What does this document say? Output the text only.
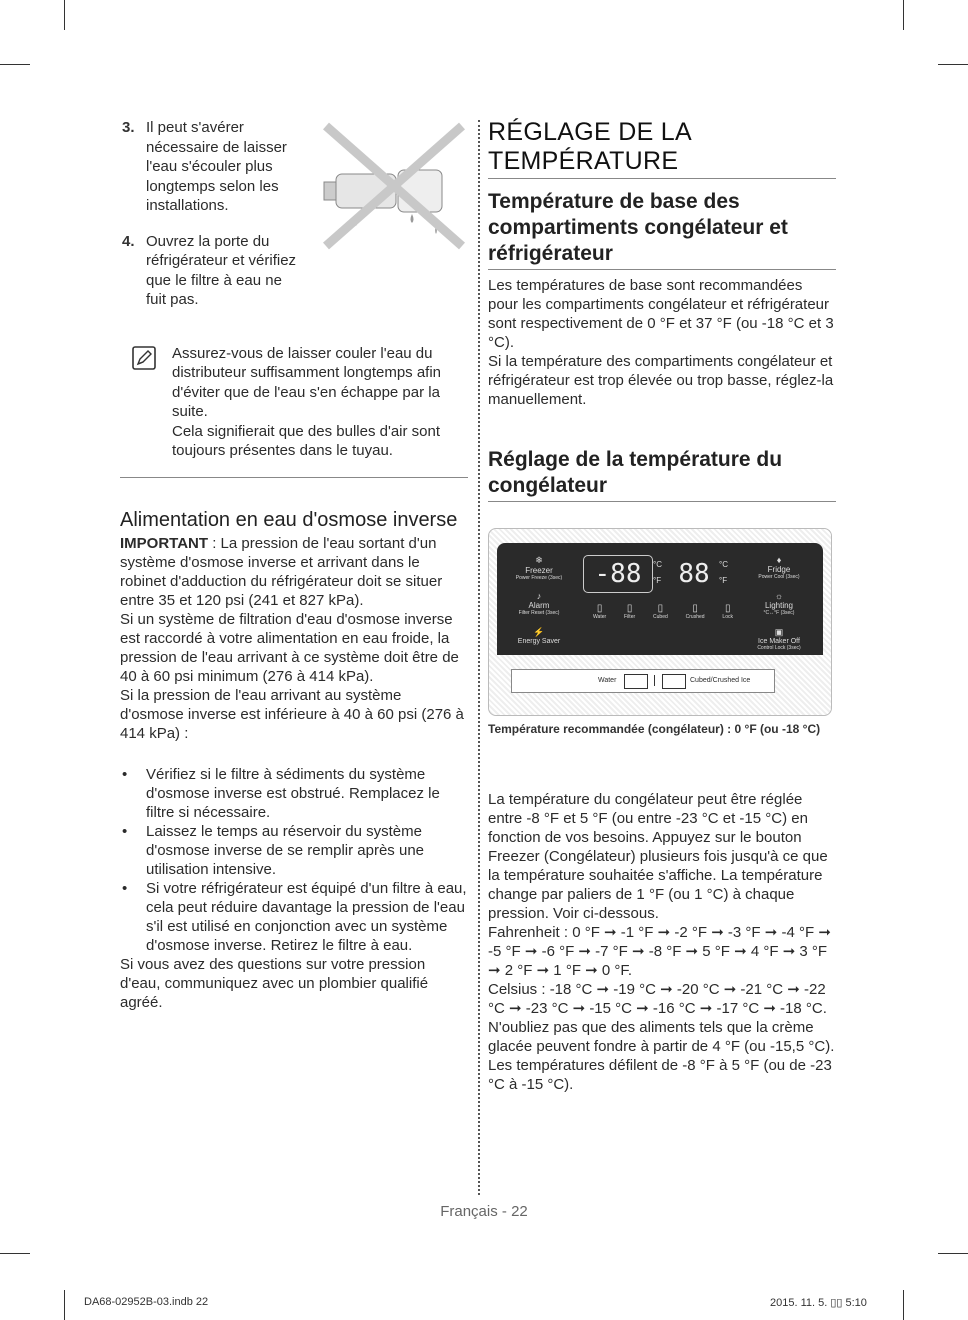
3. Il peut s'avérer nécessaire de laisser l'eau s'écouler plus longtemps selon les installations.
4. Ouvrez la porte du réfrigérateur et vérifiez que le filtre à eau ne fuit pas.

Assurez-vous de laisser couler l'eau du distributeur suffisamment longtemps afin d'éviter que de l'eau s'en échappe par la suite.

Cela signifierait que des bulles d'air sont toujours présentes dans le tuyau.

Alimentation en eau d'osmose inverse

IMPORTANT : La pression de l'eau sortant d'un système d'osmose inverse et arrivant dans le robinet d'adduction du réfrigérateur doit se situer entre 35 et 120 psi (241 et 827 kPa).

Si un système de filtration d'eau d'osmose inverse est raccordé à votre alimentation en eau froide, la pression de l'eau arrivant à ce système doit être de 40 à 60 psi minimum (276 à 414 kPa).

Si la pression de l'eau arrivant au système d'osmose inverse est inférieure à 40 à 60 psi (276 à 414 kPa) :

• Vérifiez si le filtre à sédiments du système d'osmose inverse est obstrué. Remplacez le filtre si nécessaire.
• Laissez le temps au réservoir du système d'osmose inverse de se remplir après une utilisation intensive.
• Si votre réfrigérateur est équipé d'un filtre à eau, cela peut réduire davantage la pression de l'eau s'il est utilisé en conjonction avec un système d'osmose inverse. Retirez le filtre à eau.

Si vous avez des questions sur votre pression d'eau, communiquez avec un plombier qualifié agréé.

RÉGLAGE DE LA
TEMPÉRATURE
Température de base des compartiments congélateur et réfrigérateur

Les températures de base sont recommandées pour les compartiments congélateur et réfrigérateur sont respectivement de 0 °F et 37 °F (ou -18 °C et 3 °C).

Si la température des compartiments congélateur et réfrigérateur est trop élevée ou trop basse, réglez-la manuellement.

Réglage de la température du congélateur
❄
Freezer
Power Freeze (3sec)
♪
Alarm
Filter Reset (3sec)
⚡
Energy Saver
-88	°C
°F 88	°C
°F
♦
Fridge
Power Cool (3sec)
☼
Lighting
°C↔°F (3sec)
▣
Ice Maker Off
Control Lock (3sec)
▯
Water
▯
Filter
▯
Cubed
▯
Crushed
▯
Lock
Water	Cubed/Crushed Ice

Température recommandée (congélateur) : 0 °F (ou -18 °C)

La température du congélateur peut être réglée entre -8 °F et 5 °F (ou entre -23 °C et -15 °C) en fonction de vos besoins. Appuyez sur le bouton Freezer (Congélateur) plusieurs fois jusqu'à ce que la température souhaitée s'affiche. La température change par paliers de 1 °F (ou 1 °C) à chaque pression. Voir ci-dessous.

Fahrenheit : 0 °F ➞ -1 °F ➞ -2 °F ➞ -3 °F ➞ -4 °F ➞ -5 °F ➞ -6 °F ➞ -7 °F ➞ -8 °F ➞ 5 °F ➞ 4 °F ➞ 3 °F ➞ 2 °F ➞ 1 °F ➞ 0 °F.

Celsius : -18 °C ➞ -19 °C ➞ -20 °C ➞ -21 °C ➞ -22 °C ➞ -23 °C ➞ -15 °C ➞ -16 °C ➞ -17 °C ➞ -18 °C.

N'oubliez pas que des aliments tels que la crème glacée peuvent fondre à partir de 4 °F (ou -15,5 °C). Les températures défilent de -8 °F à 5 °F (ou de -23 °C à -15 °C).

Français - 22
DA68-02952B-03.indb 22	2015. 11. 5. ▯▯ 5:10
